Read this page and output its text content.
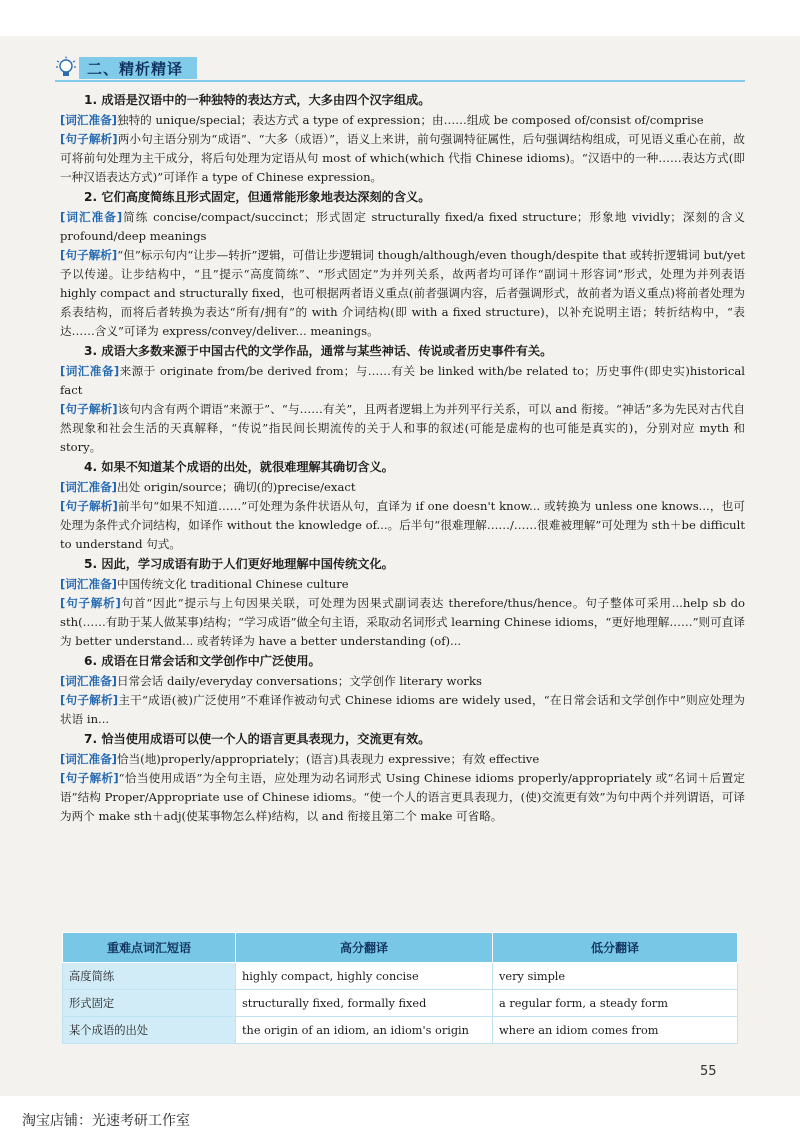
二、精析精译

1. 成语是汉语中的一种独特的表达方式，大多由四个汉字组成。

[词汇准备]独特的 unique/special；表达方式 a type of expression；由……组成 be composed of/consist of/comprise

[句子解析]两小句主语分别为“成语”、“大多（成语）”，语义上来讲，前句强调特征属性，后句强调结构组成，可见语义重心在前，故可将前句处理为主干成分，将后句处理为定语从句 most of which(which 代指 Chinese idioms)。“汉语中的一种……表达方式(即一种汉语表达方式)”可译作 a type of Chinese expression。

2. 它们高度简练且形式固定，但通常能形象地表达深刻的含义。

[词汇准备]简练 concise/compact/succinct；形式固定 structurally fixed/a fixed structure；形象地 vividly；深刻的含义 profound/deep meanings

[句子解析]“但”标示句内“让步—转折”逻辑，可借让步逻辑词 though/although/even though/despite that 或转折逻辑词 but/yet 予以传递。让步结构中，“且”提示“高度简练”、“形式固定”为并列关系，故两者均可译作“副词＋形容词”形式，处理为并列表语 highly compact and structurally fixed，也可根据两者语义重点(前者强调内容，后者强调形式，故前者为语义重点)将前者处理为系表结构，而将后者转换为表达“所有/拥有”的 with 介词结构(即 with a fixed structure)，以补充说明主语；转折结构中，“表达……含义”可译为 express/convey/deliver... meanings。

3. 成语大多数来源于中国古代的文学作品，通常与某些神话、传说或者历史事件有关。

[词汇准备]来源于 originate from/be derived from；与……有关 be linked with/be related to；历史事件(即史实)historical fact

[句子解析]该句内含有两个谓语“来源于”、“与……有关”，且两者逻辑上为并列平行关系，可以 and 衔接。“神话”多为先民对古代自然现象和社会生活的天真解释，“传说”指民间长期流传的关于人和事的叙述(可能是虚构的也可能是真实的)，分别对应 myth 和 story。

4. 如果不知道某个成语的出处，就很难理解其确切含义。

[词汇准备]出处 origin/source；确切(的)precise/exact

[句子解析]前半句“如果不知道……”可处理为条件状语从句，直译为 if one doesn't know... 或转换为 unless one knows...，也可处理为条件式介词结构，如译作 without the knowledge of...。后半句“很难理解……/……很难被理解”可处理为 sth＋be difficult to understand 句式。

5. 因此，学习成语有助于人们更好地理解中国传统文化。

[词汇准备]中国传统文化 traditional Chinese culture

[句子解析]句首“因此”提示与上句因果关联，可处理为因果式副词表达 therefore/thus/hence。句子整体可采用...help sb do sth(……有助于某人做某事)结构；“学习成语”做全句主语，采取动名词形式 learning Chinese idioms，“更好地理解……”则可直译为 better understand... 或者转译为 have a better understanding (of)...

6. 成语在日常会话和文学创作中广泛使用。

[词汇准备]日常会话 daily/everyday conversations；文学创作 literary works

[句子解析]主干“成语(被)广泛使用”不难译作被动句式 Chinese idioms are widely used，“在日常会话和文学创作中”则应处理为状语 in...

7. 恰当使用成语可以使一个人的语言更具表现力，交流更有效。

[词汇准备]恰当(地)properly/appropriately；(语言)具表现力 expressive；有效 effective

[句子解析]“恰当使用成语”为全句主语，应处理为动名词形式 Using Chinese idioms properly/appropriately 或“名词＋后置定语”结构 Proper/Appropriate use of Chinese idioms。“使一个人的语言更具表现力，(使)交流更有效”为句中两个并列谓语，可译为两个 make sth＋adj(使某事物怎么样)结构，以 and 衔接且第二个 make 可省略。

重难点词汇短语	高分翻译	低分翻译
高度简练	highly compact, highly concise	very simple
形式固定	structurally fixed, formally fixed	a regular form, a steady form
某个成语的出处	the origin of an idiom, an idiom's origin	where an idiom comes from
55
淘宝店铺：光速考研工作室
